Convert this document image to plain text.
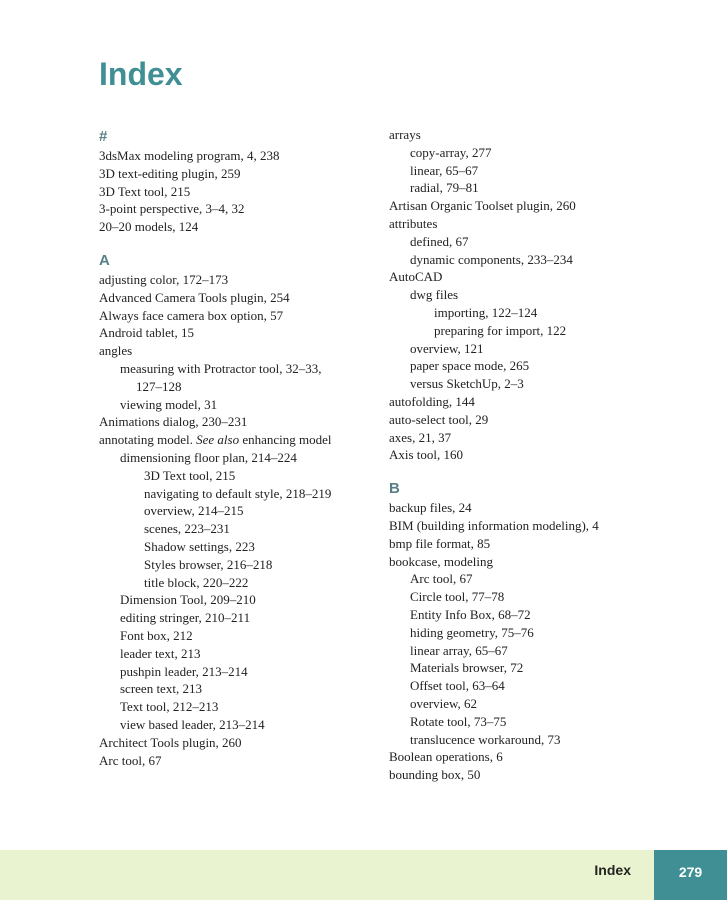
Index
#
3dsMax modeling program, 4, 238
3D text-editing plugin, 259
3D Text tool, 215
3-point perspective, 3–4, 32
20–20 models, 124
A
adjusting color, 172–173
Advanced Camera Tools plugin, 254
Always face camera box option, 57
Android tablet, 15
angles
measuring with Protractor tool, 32–33,
127–128
viewing model, 31
Animations dialog, 230–231
annotating model. See also enhancing model
dimensioning floor plan, 214–224
3D Text tool, 215
navigating to default style, 218–219
overview, 214–215
scenes, 223–231
Shadow settings, 223
Styles browser, 216–218
title block, 220–222
Dimension Tool, 209–210
editing stringer, 210–211
Font box, 212
leader text, 213
pushpin leader, 213–214
screen text, 213
Text tool, 212–213
view based leader, 213–214
Architect Tools plugin, 260
Arc tool, 67
arrays
copy-array, 277
linear, 65–67
radial, 79–81
Artisan Organic Toolset plugin, 260
attributes
defined, 67
dynamic components, 233–234
AutoCAD
dwg files
importing, 122–124
preparing for import, 122
overview, 121
paper space mode, 265
versus SketchUp, 2–3
autofolding, 144
auto-select tool, 29
axes, 21, 37
Axis tool, 160
B
backup files, 24
BIM (building information modeling), 4
bmp file format, 85
bookcase, modeling
Arc tool, 67
Circle tool, 77–78
Entity Info Box, 68–72
hiding geometry, 75–76
linear array, 65–67
Materials browser, 72
Offset tool, 63–64
overview, 62
Rotate tool, 73–75
translucence workaround, 73
Boolean operations, 6
bounding box, 50
Index	279
